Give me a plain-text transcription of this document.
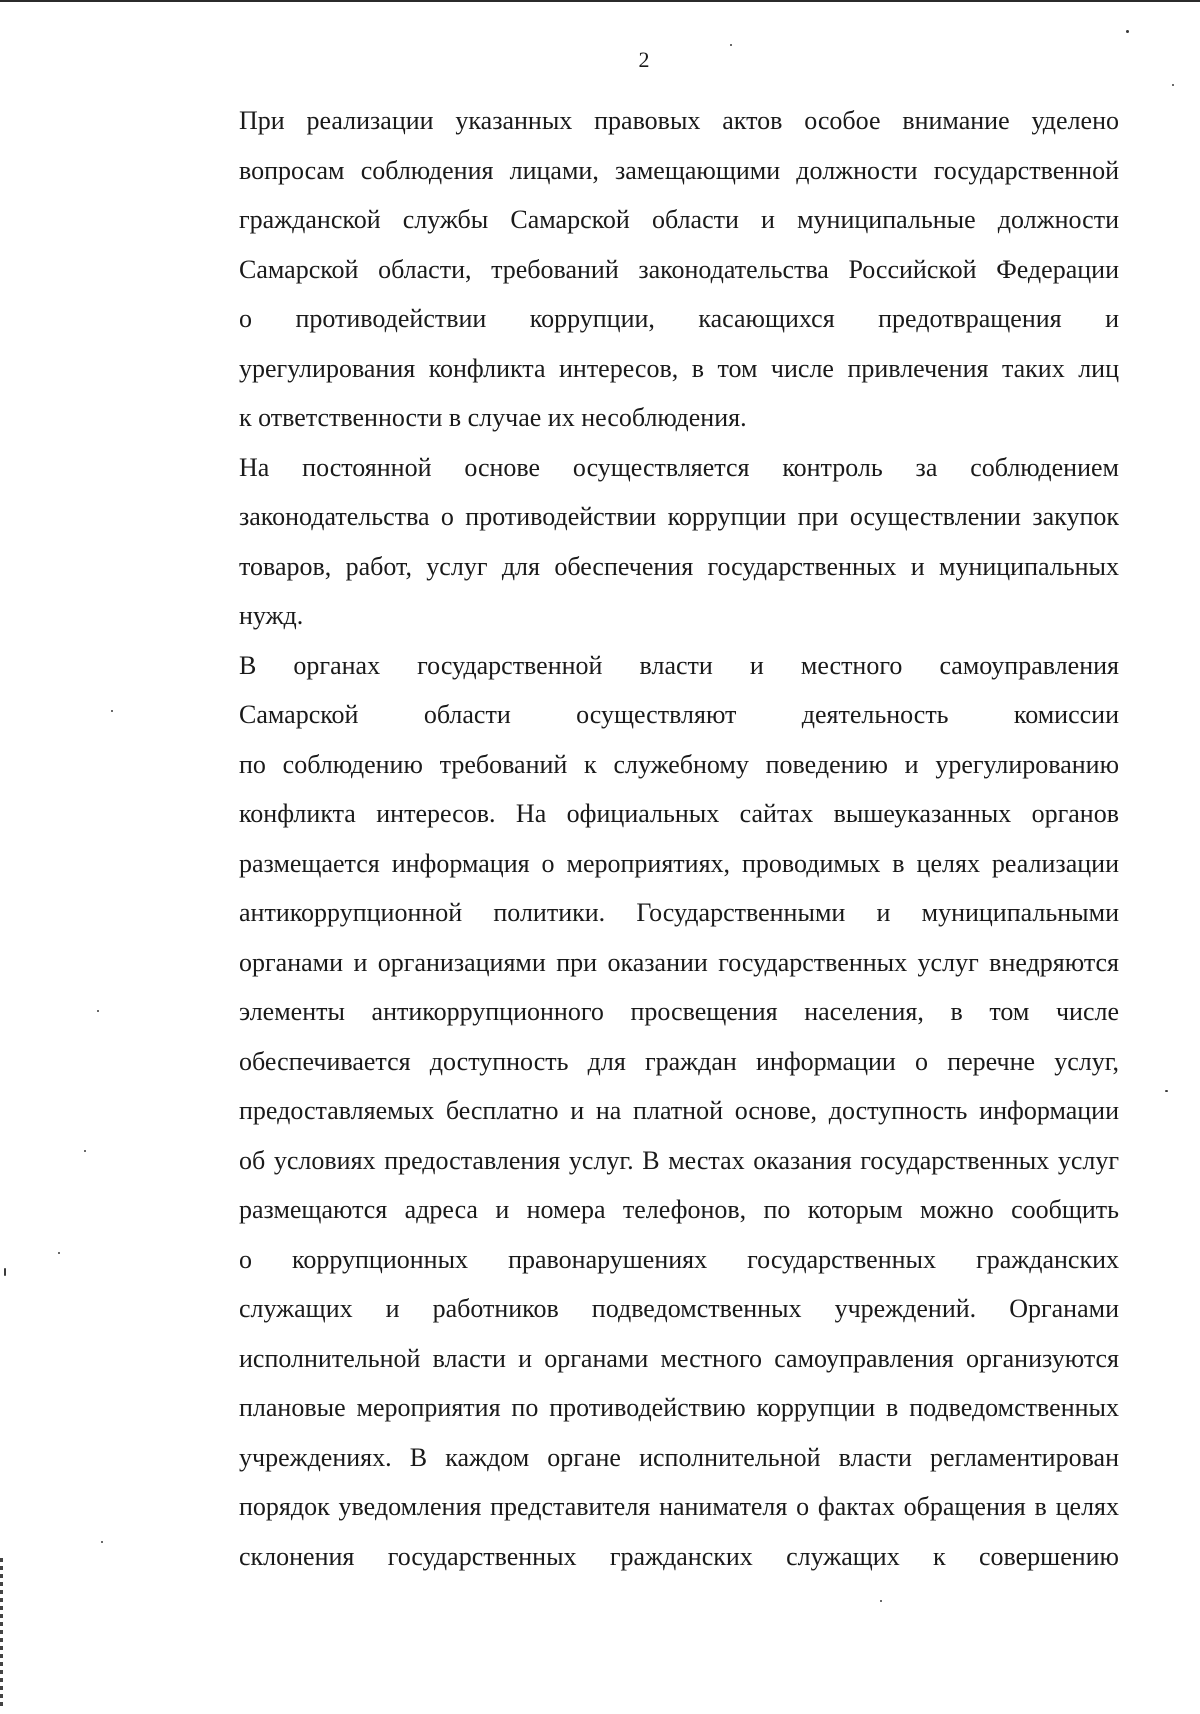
2
При реализации указанных правовых актов особое внимание уделено
вопросам соблюдения лицами, замещающими должности государственной
гражданской службы Самарской области и муниципальные должности
Самарской области, требований законодательства Российской Федерации
о противодействии коррупции, касающихся предотвращения и
урегулирования конфликта интересов, в том числе привлечения таких лиц
к ответственности в случае их несоблюдения.
На постоянной основе осуществляется контроль за соблюдением
законодательства о противодействии коррупции при осуществлении закупок
товаров, работ, услуг для обеспечения государственных и муниципальных
нужд.
В органах государственной власти и местного самоуправления
Самарской области осуществляют деятельность комиссии
по соблюдению требований к служебному поведению и урегулированию
конфликта интересов. На официальных сайтах вышеуказанных органов
размещается информация о мероприятиях, проводимых в целях реализации
антикоррупционной политики. Государственными и муниципальными
органами и организациями при оказании государственных услуг внедряются
элементы антикоррупционного просвещения населения, в том числе
обеспечивается доступность для граждан информации о перечне услуг,
предоставляемых бесплатно и на платной основе, доступность информации
об условиях предоставления услуг. В местах оказания государственных услуг
размещаются адреса и номера телефонов, по которым можно сообщить
о коррупционных правонарушениях государственных гражданских
служащих и работников подведомственных учреждений. Органами
исполнительной власти и органами местного самоуправления организуются
плановые мероприятия по противодействию коррупции в подведомственных
учреждениях. В каждом органе исполнительной власти регламентирован
порядок уведомления представителя нанимателя о фактах обращения в целях
склонения государственных гражданских служащих к совершению
